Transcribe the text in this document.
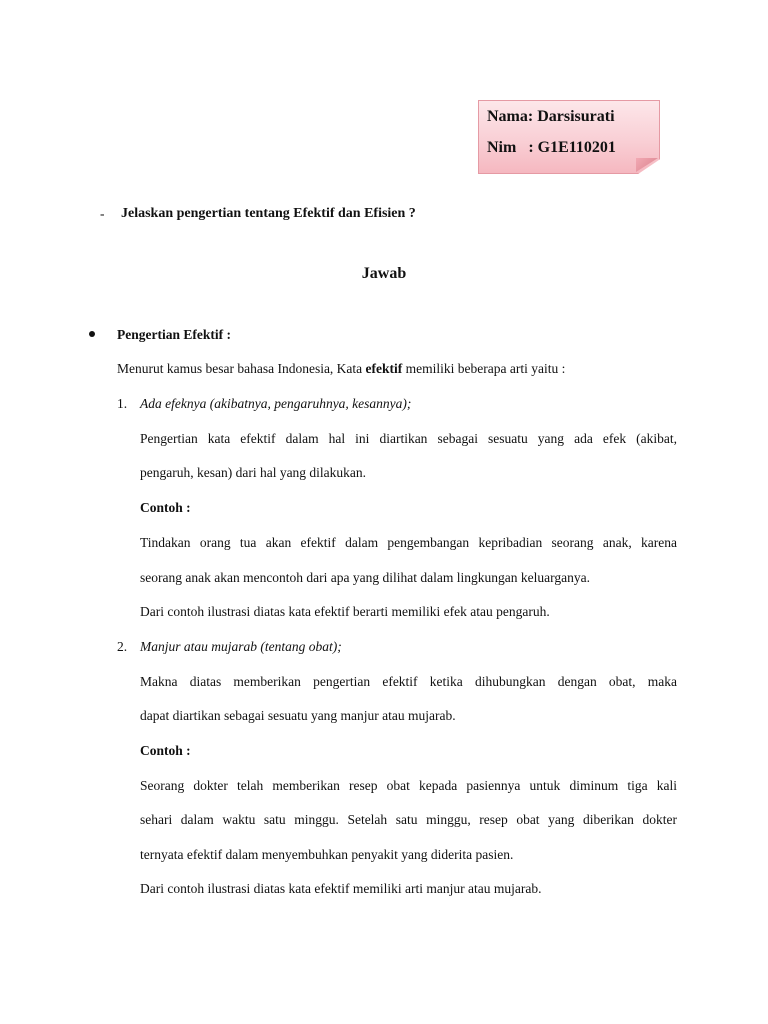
Nama: Darsisurati
Nim   : G1E110201
- Jelaskan pengertian tentang Efektif dan Efisien ?
Jawab
Pengertian Efektif :
Menurut kamus besar bahasa Indonesia, Kata efektif memiliki beberapa arti yaitu :
1. Ada efeknya (akibatnya, pengaruhnya, kesannya);
Pengertian kata efektif dalam hal ini diartikan sebagai sesuatu yang ada efek (akibat,
pengaruh, kesan) dari hal yang dilakukan.
Contoh :
Tindakan orang tua akan efektif dalam pengembangan kepribadian seorang anak, karena
seorang anak akan mencontoh dari apa yang dilihat dalam lingkungan keluarganya.
Dari contoh ilustrasi diatas kata efektif berarti memiliki efek atau pengaruh.
2. Manjur atau mujarab (tentang obat);
Makna diatas memberikan pengertian efektif ketika dihubungkan dengan obat, maka
dapat diartikan sebagai sesuatu yang manjur atau mujarab.
Contoh :
Seorang dokter telah memberikan resep obat kepada pasiennya untuk diminum tiga kali
sehari dalam waktu satu minggu. Setelah satu minggu, resep obat yang diberikan dokter
ternyata efektif dalam menyembuhkan penyakit yang diderita pasien.
Dari contoh ilustrasi diatas kata efektif memiliki arti manjur atau mujarab.
